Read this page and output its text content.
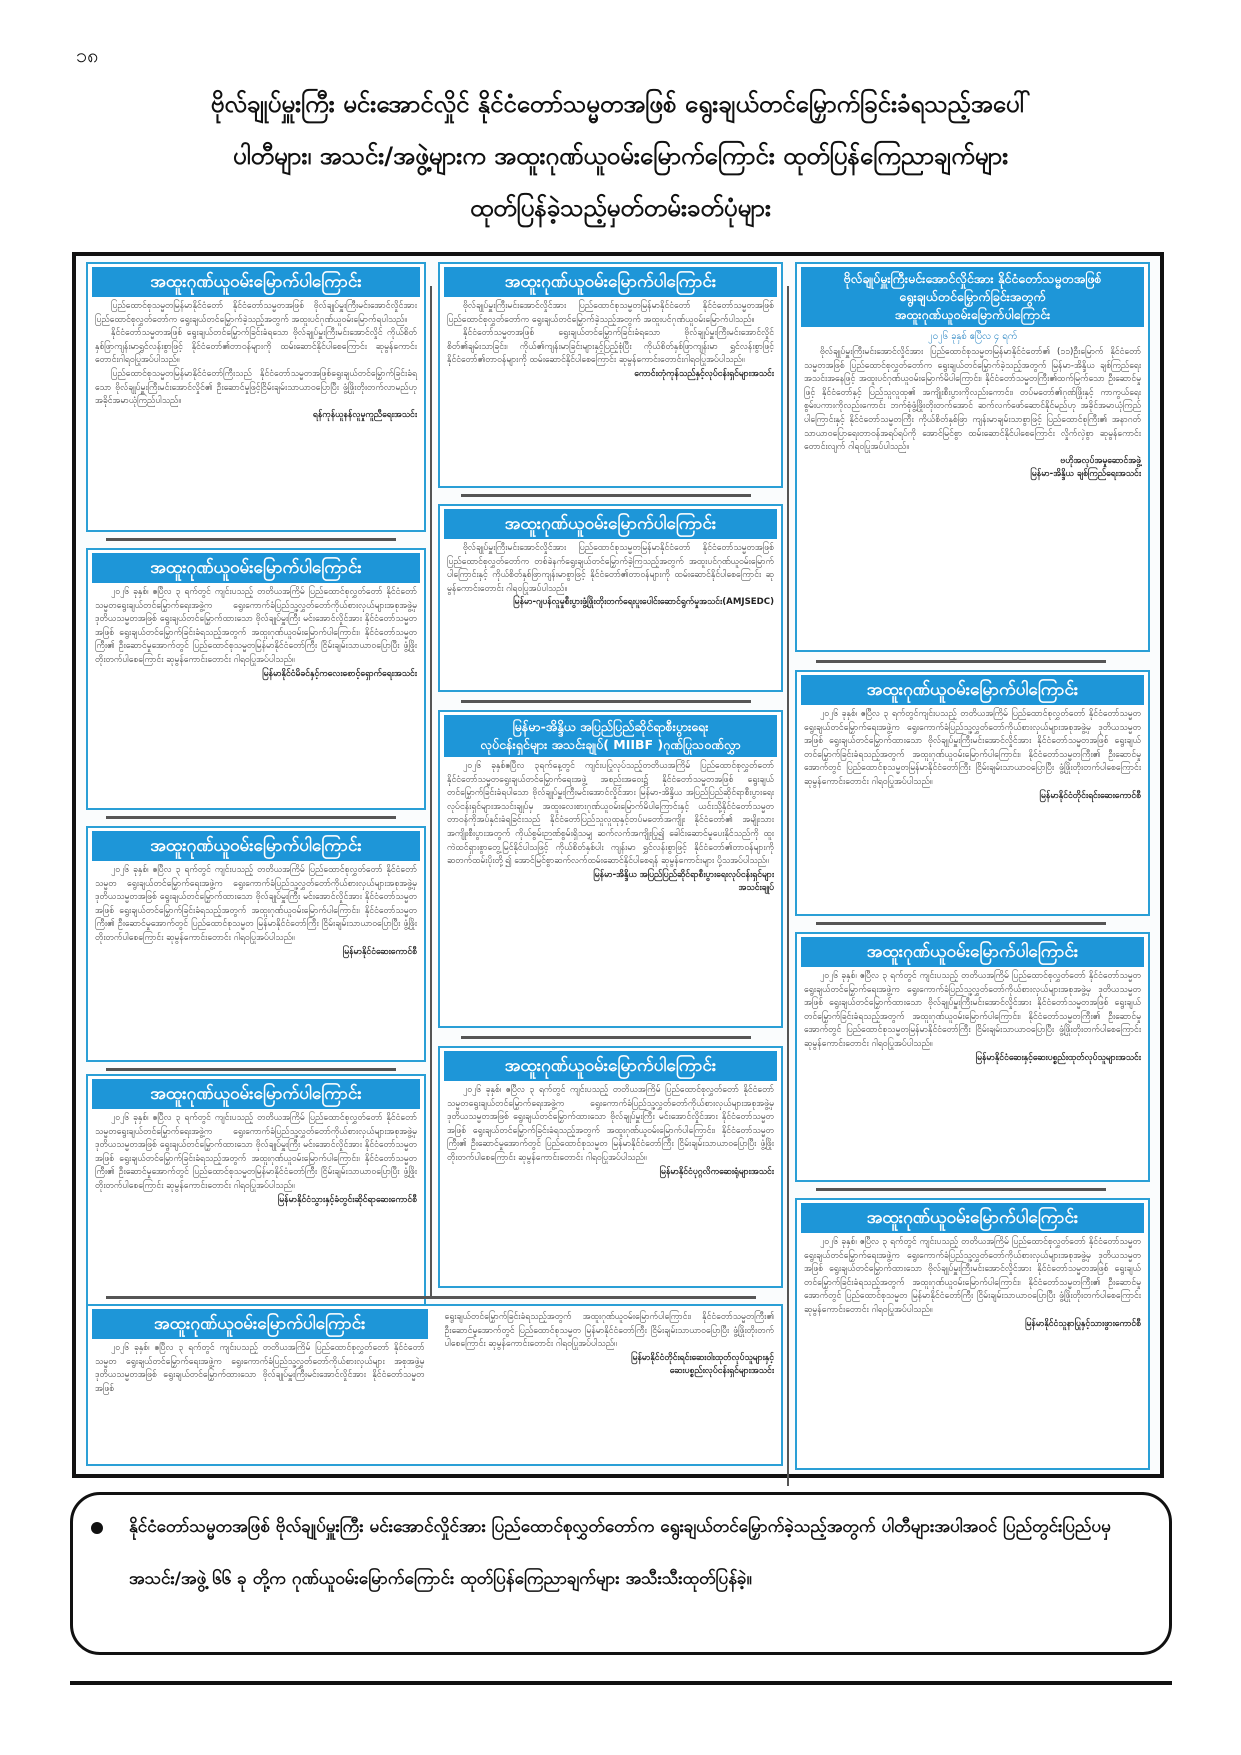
၁၈
ဗိုလ်ချုပ်မှူးကြီး မင်းအောင်လှိုင် နိုင်ငံတော်သမ္မတအဖြစ် ရွေးချယ်တင်မြှောက်ခြင်းခံရသည့်အပေါ်
ပါတီများ၊ အသင်း/အဖွဲ့များက အထူးဂုဏ်ယူဝမ်းမြောက်ကြောင်း ထုတ်ပြန်ကြေညာချက်များ
ထုတ်ပြန်ခဲ့သည့်မှတ်တမ်းခတ်ပုံများ
အထူးဂုဏ်ယူဝမ်းမြောက်ပါကြောင်း

ပြည်ထောင်စုသမ္မတမြန်မာနိုင်ငံတော် နိုင်ငံတော်သမ္မတအဖြစ် ဗိုလ်ချုပ်မှူးကြီးမင်းအောင်လှိုင်အား ပြည်ထောင်စုလွှတ်တော်က ရွေးချယ်တင်မြှောက်ခဲ့သည့်အတွက် အထူးပင်ဂုဏ်ယူဝမ်းမြောက်ရပါသည်။

နိုင်ငံတော်သမ္မတအဖြစ် ရွေးချယ်တင်မြှောက်ခြင်းခံရသော ဗိုလ်ချုပ်မှူးကြီးမင်းအောင်လှိုင် ကိုယ်စိတ်နှစ်ဖြာကျန်းမာရွှင်လန်းစွာဖြင့် နိုင်ငံတော်၏တာဝန်များကို ထမ်းဆောင်နိုင်ပါစေကြောင်း ဆုမွန်ကောင်းတောင်းဂါရဝပြုအပ်ပါသည်။

ပြည်ထောင်စုသမ္မတမြန်မာနိုင်ငံတော်ကြီးသည် နိုင်ငံတော်သမ္မတအဖြစ်ရွေးချယ်တင်မြှောက်ခြင်းခံရသော ဗိုလ်ချုပ်မှူးကြီးမင်းအောင်လှိုင်၏ ဦးဆောင်မှုဖြင့်ငြိမ်းချမ်းသာယာဝပြောပြီး ဖွံ့ဖြိုးတိုးတက်လာမည်ဟု အခိုင်အမာယုံကြည်ပါသည်။

ရန်ကုန်ယူနန်လူမှုကူညီရေးအသင်း
အထူးဂုဏ်ယူဝမ်းမြောက်ပါကြောင်း

၂၀၂၆ ခုနှစ်၊ ဧပြီလ ၃ ရက်တွင် ကျင်းပသည့် တတိယအကြိမ် ပြည်ထောင်စုလွှတ်တော် နိုင်ငံတော်သမ္မတရွေးချယ်တင်မြှောက်ရေးအဖွဲ့က ရွေးကောက်ခံပြည်သူ့လွှတ်တော်ကိုယ်စားလှယ်များအစုအဖွဲ့မှ ဒုတိယသမ္မတအဖြစ် ရွေးချယ်တင်မြှောက်ထားသော ဗိုလ်ချုပ်မှူးကြီး မင်းအောင်လှိုင်အား နိုင်ငံတော်သမ္မတအဖြစ် ရွေးချယ်တင်မြှောက်ခြင်းခံရသည့်အတွက် အထူးဂုဏ်ယူဝမ်းမြောက်ပါကြောင်း၊ နိုင်ငံတော်သမ္မတကြီး၏ ဦးဆောင်မှုအောက်တွင် ပြည်ထောင်စုသမ္မတမြန်မာနိုင်ငံတော်ကြီး ငြိမ်းချမ်းသာယာဝပြောပြီး ဖွံ့ဖြိုးတိုးတက်ပါစေကြောင်း ဆုမွန်ကောင်းတောင်း ဂါရဝပြုအပ်ပါသည်။

မြန်မာနိုင်ငံမိခင်နှင့်ကလေးစောင့်ရှောက်ရေးအသင်း
အထူးဂုဏ်ယူဝမ်းမြောက်ပါကြောင်း

၂၀၂၆ ခုနှစ်၊ ဧပြီလ ၃ ရက်တွင် ကျင်းပသည့် တတိယအကြိမ် ပြည်ထောင်စုလွှတ်တော် နိုင်ငံတော်သမ္မတ ရွေးချယ်တင်မြှောက်ရေးအဖွဲ့က ရွေးကောက်ခံပြည်သူ့လွှတ်တော်ကိုယ်စားလှယ်များအစုအဖွဲ့မှ ဒုတိယသမ္မတအဖြစ် ရွေးချယ်တင်မြှောက်ထားသော ဗိုလ်ချုပ်မှူးကြီး မင်းအောင်လှိုင်အား နိုင်ငံတော်သမ္မတအဖြစ် ရွေးချယ်တင်မြှောက်ခြင်းခံရသည့်အတွက် အထူးဂုဏ်ယူဝမ်းမြောက်ပါကြောင်း၊ နိုင်ငံတော်သမ္မတကြီး၏ ဦးဆောင်မှုအောက်တွင် ပြည်ထောင်စုသမ္မတ မြန်မာနိုင်ငံတော်ကြီး ငြိမ်းချမ်းသာယာဝပြောပြီး ဖွံ့ဖြိုးတိုးတက်ပါစေကြောင်း ဆုမွန်ကောင်းတောင်း ဂါရဝပြုအပ်ပါသည်။

မြန်မာနိုင်ငံဆေးကောင်စီ
အထူးဂုဏ်ယူဝမ်းမြောက်ပါကြောင်း

၂၀၂၆ ခုနှစ်၊ ဧပြီလ ၃ ရက်တွင် ကျင်းပသည့် တတိယအကြိမ် ပြည်ထောင်စုလွှတ်တော် နိုင်ငံတော်သမ္မတရွေးချယ်တင်မြှောက်ရေးအဖွဲ့က ရွေးကောက်ခံပြည်သူ့လွှတ်တော်ကိုယ်စားလှယ်များအစုအဖွဲ့မှ ဒုတိယသမ္မတအဖြစ် ရွေးချယ်တင်မြှောက်ထားသော ဗိုလ်ချုပ်မှူးကြီး မင်းအောင်လှိုင်အား နိုင်ငံတော်သမ္မတအဖြစ် ရွေးချယ်တင်မြှောက်ခြင်းခံရသည့်အတွက် အထူးဂုဏ်ယူဝမ်းမြောက်ပါကြောင်း၊ နိုင်ငံတော်သမ္မတကြီး၏ ဦးဆောင်မှုအောက်တွင် ပြည်ထောင်စုသမ္မတမြန်မာနိုင်ငံတော်ကြီး ငြိမ်းချမ်းသာယာဝပြောပြီး ဖွံ့ဖြိုးတိုးတက်ပါစေကြောင်း ဆုမွန်ကောင်းတောင်း ဂါရဝပြုအပ်ပါသည်။

မြန်မာနိုင်ငံသွားနှင့်ခံတွင်းဆိုင်ရာဆေးကောင်စီ
အထူးဂုဏ်ယူဝမ်းမြောက်ပါကြောင်း

ဗိုလ်ချုပ်မှူးကြီးမင်းအောင်လှိုင်အား ပြည်ထောင်စုသမ္မတမြန်မာနိုင်ငံတော် နိုင်ငံတော်သမ္မတအဖြစ် ပြည်ထောင်စုလွှတ်တော်က ရွေးချယ်တင်မြှောက်ခဲ့သည့်အတွက် အထူးပင်ဂုဏ်ယူဝမ်းမြောက်ပါသည်။

နိုင်ငံတော်သမ္မတအဖြစ် ရွေးချယ်တင်မြှောက်ခြင်းခံရသော ဗိုလ်ချုပ်မှူးကြီးမင်းအောင်လှိုင် စိတ်၏ချမ်းသာခြင်း၊ ကိုယ်၏ကျန်းမာခြင်းများနှင့်ပြည့်စုံပြီး ကိုယ်စိတ်နှစ်ဖြာကျန်းမာ ရွှင်လန်းစွာဖြင့် နိုင်ငံတော်၏တာဝန်များကို ထမ်းဆောင်နိုင်ပါစေကြောင်း ဆုမွန်ကောင်းတောင်းဂါရဝပြုအပ်ပါသည်။

ကောင်းတုံကုန်သည်နှင့်လုပ်ငန်းရှင်များအသင်း
အထူးဂုဏ်ယူဝမ်းမြောက်ပါကြောင်း

ဗိုလ်ချုပ်မှူးကြီးမင်းအောင်လှိုင်အား ပြည်ထောင်စုသမ္မတမြန်မာနိုင်ငံတော် နိုင်ငံတော်သမ္မတအဖြစ် ပြည်ထောင်စုလွှတ်တော်က တစ်ခဲနက်ရွေးချယ်တင်မြှောက်ခဲ့ကြသည့်အတွက် အထူးပင်ဂုဏ်ယူဝမ်းမြောက်ပါကြောင်းနှင့် ကိုယ်စိတ်နှစ်ဖြာကျန်းမာစွာဖြင့် နိုင်ငံတော်၏တာဝန်များကို ထမ်းဆောင်နိုင်ပါစေကြောင်း ဆုမွန်ကောင်းတောင်း ဂါရဝပြုအပ်ပါသည်။

မြန်မာ-ဂျပန်လူမှုစီးပွားဖွံ့ဖြိုးတိုးတက်ရေးပူးပေါင်းဆောင်ရွက်မှုအသင်း(AMJSEDC)
မြန်မာ-အိန္ဒိယ အပြည်ပြည်ဆိုင်ရာစီးပွားရေး
လုပ်ငန်းရှင်များ အသင်းချုပ်( MIIBF )ဂုဏ်ပြုသဝဏ်လွှာ

၂၀၂၆ ခုနှစ်ဧပြီလ ၃ရက်နေ့တွင် ကျင်းပပြုလုပ်သည့်တတိယအကြိမ် ပြည်ထောင်စုလွှတ်တော် နိုင်ငံတော်သမ္မတရွေးချယ်တင်မြှောက်ရေးအဖွဲ့ အစည်းအဝေး၌ နိုင်ငံတော်သမ္မတအဖြစ် ရွေးချယ်တင်မြှောက်ခြင်းခံရပါသော ဗိုလ်ချုပ်မှူးကြီးမင်းအောင်လှိုင်အား မြန်မာ-အိန္ဒိယ အပြည်ပြည်ဆိုင်ရာစီးပွားရေးလုပ်ငန်းရှင်များအသင်းချုပ်မှ အထူးလေးစားဂုဏ်ယူဝမ်းမြောက်မိပါကြောင်းနှင့် ယင်းသို့နိုင်ငံတော်သမ္မတတာဝန်ကိုအပ်နှင်းခံရခြင်းသည် နိုင်ငံတော်ပြည်သူလူထုနှင့်တပ်မတော်အကျိုး နိုင်ငံတော်၏ အမျိုးသားအကျိုးစီးပွားအတွက် ကိုယ်စွမ်းဉာဏ်စွမ်းရှိသမျှ ဆက်လက်အကျိုးပြု၍ ခေါင်းဆောင်မှုပေးနိုင်သည်ကို ထူးကဲထင်ရှားစွာတွေ့မြင်နိုင်ပါသဖြင့် ကိုယ်စိတ်နှစ်ပါး ကျန်းမာ ရွှင်လန်းစွာဖြင့် နိုင်ငံတော်၏တာဝန်များကို ဆတက်ထမ်းပိုးတို့၍ အောင်မြင်စွာဆက်လက်ထမ်းဆောင်နိုင်ပါစေရန် ဆုမွန်ကောင်းများ ပို့သအပ်ပါသည်။

မြန်မာ-အိန္ဒိယ အပြည်ပြည်ဆိုင်ရာစီးပွားရေးလုပ်ငန်းရှင်များ
အသင်းချုပ်
အထူးဂုဏ်ယူဝမ်းမြောက်ပါကြောင်း

၂၀၂၆ ခုနှစ်၊ ဧပြီလ ၃ ရက်တွင် ကျင်းပသည့် တတိယအကြိမ် ပြည်ထောင်စုလွှတ်တော် နိုင်ငံတော်သမ္မတရွေးချယ်တင်မြှောက်ရေးအဖွဲ့က ရွေးကောက်ခံပြည်သူ့လွှတ်တော်ကိုယ်စားလှယ်များအစုအဖွဲ့မှ ဒုတိယသမ္မတအဖြစ် ရွေးချယ်တင်မြှောက်ထားသော ဗိုလ်ချုပ်မှူးကြီး မင်းအောင်လှိုင်အား နိုင်ငံတော်သမ္မတအဖြစ် ရွေးချယ်တင်မြှောက်ခြင်းခံရသည့်အတွက် အထူးဂုဏ်ယူဝမ်းမြောက်ပါကြောင်း၊ နိုင်ငံတော်သမ္မတကြီး၏ ဦးဆောင်မှုအောက်တွင် ပြည်ထောင်စုသမ္မတ မြန်မာနိုင်ငံတော်ကြီး ငြိမ်းချမ်းသာယာဝပြောပြီး ဖွံ့ဖြိုးတိုးတက်ပါစေကြောင်း ဆုမွန်ကောင်းတောင်း ဂါရဝပြုအပ်ပါသည်။

မြန်မာနိုင်ငံပုဂ္ဂလိကဆေးရုံများအသင်း
ဗိုလ်ချုပ်မှူးကြီးမင်းအောင်လှိုင်အား နိုင်ငံတော်သမ္မတအဖြစ်
ရွေးချယ်တင်မြှောက်ခြင်းအတွက်
အထူးဂုဏ်ယူဝမ်းမြောက်ပါကြောင်း
၂၀၂၆ ခုနှစ် ဧပြီလ ၄ ရက်

ဗိုလ်ချုပ်မှူးကြီးမင်းအောင်လှိုင်အား ပြည်ထောင်စုသမ္မတမြန်မာနိုင်ငံတော်၏ (၁၁)ဦးမြောက် နိုင်ငံတော်သမ္မတအဖြစ် ပြည်ထောင်စုလွှတ်တော်က ရွေးချယ်တင်မြှောက်ခဲ့သည့်အတွက် မြန်မာ-အိန္ဒိယ ချစ်ကြည်ရေးအသင်းအနေဖြင့် အထူးပင်ဂုဏ်ယူဝမ်းမြောက်မိပါကြောင်း၊ နိုင်ငံတော်သမ္မတကြီး၏ထက်မြက်သော ဦးဆောင်မှုဖြင့် နိုင်ငံတော်နှင့် ပြည်သူလူထု၏ အကျိုးစီးပွားကိုလည်းကောင်း၊ တပ်မတော်၏ဂုဏ်ဖြိုးနှင့် ကာကွယ်ရေးစွမ်းပကားကိုလည်းကောင်း ဘက်စုံဖွံ့ဖြိုးတိုးတက်အောင် ဆက်လက်ဖော်ဆောင်နိုင်မည်ဟု အခိုင်အမာယုံကြည်ပါကြောင်းနှင့် နိုင်ငံတော်သမ္မတကြီး ကိုယ်စိတ်နှစ်ဖြာ ကျန်းမာချမ်းသာစွာဖြင့် ပြည်ထောင်စုကြီး၏ အနာဂတ်သာယာဝပြောရေးတာဝန်အရပ်ရပ်ကို အောင်မြင်စွာ ထမ်းဆောင်နိုင်ပါစေကြောင်း လှိုက်လှဲစွာ ဆုမွန်ကောင်းတောင်းလျက် ဂါရဝပြုအပ်ပါသည်။

ဗဟိုအလုပ်အမှုဆောင်အဖွဲ့
မြန်မာ-အိန္ဒိယ ချစ်ကြည်ရေးအသင်း
အထူးဂုဏ်ယူဝမ်းမြောက်ပါကြောင်း

၂၀၂၆ ခုနှစ်၊ ဧပြီလ ၃ ရက်တွင်ကျင်းပသည့် တတိယအကြိမ် ပြည်ထောင်စုလွှတ်တော် နိုင်ငံတော်သမ္မတရွေးချယ်တင်မြှောက်ရေးအဖွဲ့က ရွေးကောက်ခံပြည်သူ့လွှတ်တော်ကိုယ်စားလှယ်များအစုအဖွဲ့မှ ဒုတိယသမ္မတအဖြစ် ရွေးချယ်တင်မြှောက်ထားသော ဗိုလ်ချုပ်မှူးကြီးမင်းအောင်လှိုင်အား နိုင်ငံတော်သမ္မတအဖြစ် ရွေးချယ်တင်မြှောက်ခြင်းခံရသည့်အတွက် အထူးဂုဏ်ယူဝမ်းမြောက်ပါကြောင်း၊ နိုင်ငံတော်သမ္မတကြီး၏ ဦးဆောင်မှုအောက်တွင် ပြည်ထောင်စုသမ္မတမြန်မာနိုင်ငံတော်ကြီး ငြိမ်းချမ်းသာယာဝပြောပြီး ဖွံ့ဖြိုးတိုးတက်ပါစေကြောင်း ဆုမွန်ကောင်းတောင်း ဂါရဝပြုအပ်ပါသည်။

မြန်မာနိုင်ငံတိုင်းရင်းဆေးကောင်စီ
အထူးဂုဏ်ယူဝမ်းမြောက်ပါကြောင်း

၂၀၂၆ ခုနှစ်၊ ဧပြီလ ၃ ရက်တွင် ကျင်းပသည့် တတိယအကြိမ် ပြည်ထောင်စုလွှတ်တော် နိုင်ငံတော်သမ္မတ ရွေးချယ်တင်မြှောက်ရေးအဖွဲ့က ရွေးကောက်ခံပြည်သူ့လွှတ်တော်ကိုယ်စားလှယ်များအစုအဖွဲ့မှ ဒုတိယသမ္မတအဖြစ် ရွေးချယ်တင်မြှောက်ထားသော ဗိုလ်ချုပ်မှူးကြီးမင်းအောင်လှိုင်အား နိုင်ငံတော်သမ္မတအဖြစ် ရွေးချယ်တင်မြှောက်ခြင်းခံရသည့်အတွက် အထူးဂုဏ်ယူဝမ်းမြောက်ပါကြောင်း၊ နိုင်ငံတော်သမ္မတကြီး၏ ဦးဆောင်မှုအောက်တွင် ပြည်ထောင်စုသမ္မတမြန်မာနိုင်ငံတော်ကြီး ငြိမ်းချမ်းသာယာဝပြောပြီး ဖွံ့ဖြိုးတိုးတက်ပါစေကြောင်း ဆုမွန်ကောင်းတောင်း ဂါရဝပြုအပ်ပါသည်။

မြန်မာနိုင်ငံဆေးနှင့်ဆေးပစ္စည်းထုတ်လုပ်သူများအသင်း
အထူးဂုဏ်ယူဝမ်းမြောက်ပါကြောင်း

၂၀၂၆ ခုနှစ်၊ ဧပြီလ ၃ ရက်တွင် ကျင်းပသည့် တတိယအကြိမ် ပြည်ထောင်စုလွှတ်တော် နိုင်ငံတော်သမ္မတ ရွေးချယ်တင်မြှောက်ရေးအဖွဲ့က ရွေးကောက်ခံပြည်သူ့လွှတ်တော်ကိုယ်စားလှယ်များအစုအဖွဲ့မှ ဒုတိယသမ္မတအဖြစ် ရွေးချယ်တင်မြှောက်ထားသော ဗိုလ်ချုပ်မှူးကြီးမင်းအောင်လှိုင်အား နိုင်ငံတော်သမ္မတအဖြစ် ရွေးချယ်တင်မြှောက်ခြင်းခံရသည့်အတွက် အထူးဂုဏ်ယူဝမ်းမြောက်ပါကြောင်း၊ နိုင်ငံတော်သမ္မတကြီး၏ ဦးဆောင်မှုအောက်တွင် ပြည်ထောင်စုသမ္မတ မြန်မာနိုင်ငံတော်ကြီး ငြိမ်းချမ်းသာယာဝပြောပြီး ဖွံ့ဖြိုးတိုးတက်ပါစေကြောင်း ဆုမွန်ကောင်းတောင်း ဂါရဝပြုအပ်ပါသည်။

မြန်မာနိုင်ငံသူနာပြုနှင့်သားဖွားကောင်စီ
အထူးဂုဏ်ယူဝမ်းမြောက်ပါကြောင်း

၂၀၂၆ ခုနှစ်၊ ဧပြီလ ၃ ရက်တွင် ကျင်းပသည့် တတိယအကြိမ် ပြည်ထောင်စုလွှတ်တော် နိုင်ငံတော်သမ္မတ ရွေးချယ်တင်မြှောက်ရေးအဖွဲ့က ရွေးကောက်ခံပြည်သူ့လွှတ်တော်ကိုယ်စားလှယ်များ အစုအဖွဲ့မှ ဒုတိယသမ္မတအဖြစ် ရွေးချယ်တင်မြှောက်ထားသော ဗိုလ်ချုပ်မှူးကြီးမင်းအောင်လှိုင်အား နိုင်ငံတော်သမ္မတအဖြစ်

ရွေးချယ်တင်မြှောက်ခြင်းခံရသည့်အတွက် အထူးဂုဏ်ယူဝမ်းမြောက်ပါကြောင်း၊ နိုင်ငံတော်သမ္မတကြီး၏ ဦးဆောင်မှုအောက်တွင် ပြည်ထောင်စုသမ္မတ မြန်မာနိုင်ငံတော်ကြီး ငြိမ်းချမ်းသာယာဝပြောပြီး ဖွံ့ဖြိုးတိုးတက်ပါစေကြောင်း ဆုမွန်ကောင်းတောင်း ဂါရဝပြုအပ်ပါသည်။

မြန်မာနိုင်ငံတိုင်းရင်းဆေးဝါးထုတ်လုပ်သူများနှင့်
ဆေးပစ္စည်းလုပ်ငန်းရှင်များအသင်း
နိုင်ငံတော်သမ္မတအဖြစ် ဗိုလ်ချုပ်မှူးကြီး မင်းအောင်လှိုင်အား ပြည်ထောင်စုလွှတ်တော်က ရွေးချယ်တင်မြှောက်ခဲ့သည့်အတွက် ပါတီများအပါအဝင် ပြည်တွင်းပြည်ပမှ အသင်း/အဖွဲ့ ၆၆ ခု တို့က ဂုဏ်ယူဝမ်းမြောက်ကြောင်း ထုတ်ပြန်ကြေညာချက်များ အသီးသီးထုတ်ပြန်ခဲ့။
